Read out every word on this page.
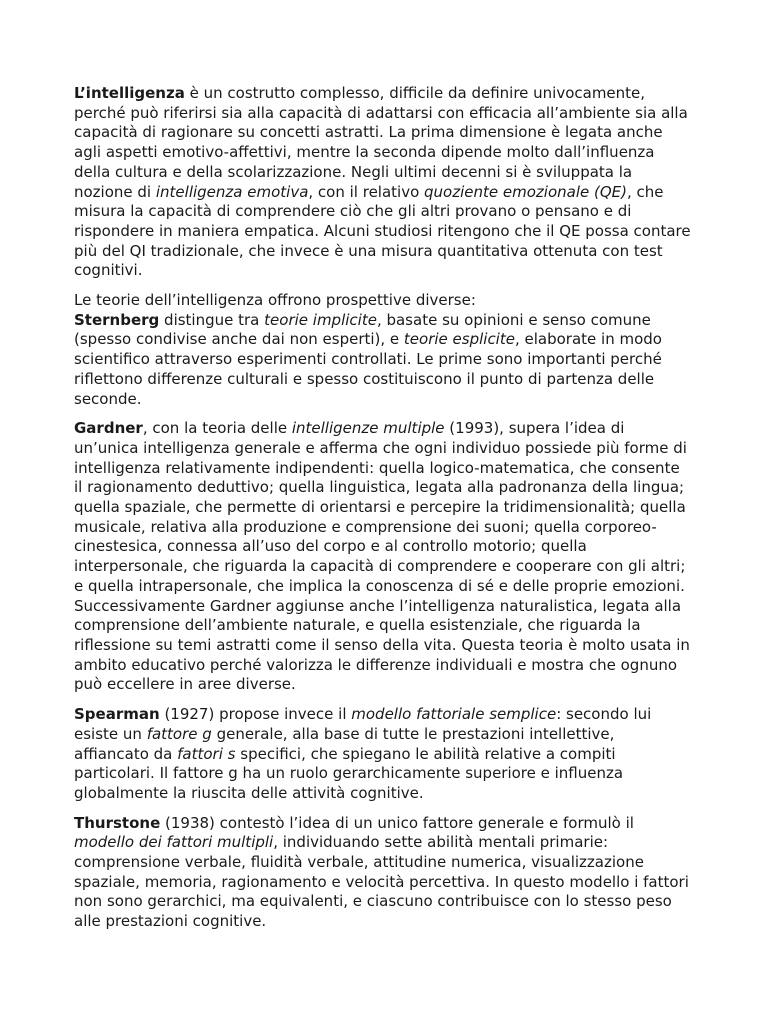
L’intelligenza è un costrutto complesso, difficile da definire univocamente, perché può riferirsi sia alla capacità di adattarsi con efficacia all’ambiente sia alla capacità di ragionare su concetti astratti. La prima dimensione è legata anche agli aspetti emotivo-affettivi, mentre la seconda dipende molto dall’influenza della cultura e della scolarizzazione. Negli ultimi decenni si è sviluppata la nozione di intelligenza emotiva, con il relativo quoziente emozionale (QE), che misura la capacità di comprendere ciò che gli altri provano o pensano e di rispondere in maniera empatica. Alcuni studiosi ritengono che il QE possa contare più del QI tradizionale, che invece è una misura quantitativa ottenuta con test cognitivi.

Le teorie dell’intelligenza offrono prospettive diverse:

Sternberg distingue tra teorie implicite, basate su opinioni e senso comune (spesso condivise anche dai non esperti), e teorie esplicite, elaborate in modo scientifico attraverso esperimenti controllati. Le prime sono importanti perché riflettono differenze culturali e spesso costituiscono il punto di partenza delle seconde.

Gardner, con la teoria delle intelligenze multiple (1993), supera l’idea di un’unica intelligenza generale e afferma che ogni individuo possiede più forme di intelligenza relativamente indipendenti: quella logico-matematica, che consente il ragionamento deduttivo; quella linguistica, legata alla padronanza della lingua; quella spaziale, che permette di orientarsi e percepire la tridimensionalità; quella musicale, relativa alla produzione e comprensione dei suoni; quella corporeo-cinestesica, connessa all’uso del corpo e al controllo motorio; quella interpersonale, che riguarda la capacità di comprendere e cooperare con gli altri; e quella intrapersonale, che implica la conoscenza di sé e delle proprie emozioni. Successivamente Gardner aggiunse anche l’intelligenza naturalistica, legata alla comprensione dell’ambiente naturale, e quella esistenziale, che riguarda la riflessione su temi astratti come il senso della vita. Questa teoria è molto usata in ambito educativo perché valorizza le differenze individuali e mostra che ognuno può eccellere in aree diverse.

Spearman (1927) propose invece il modello fattoriale semplice: secondo lui esiste un fattore g generale, alla base di tutte le prestazioni intellettive, affiancato da fattori s specifici, che spiegano le abilità relative a compiti particolari. Il fattore g ha un ruolo gerarchicamente superiore e influenza globalmente la riuscita delle attività cognitive.

Thurstone (1938) contestò l’idea di un unico fattore generale e formulò il modello dei fattori multipli, individuando sette abilità mentali primarie: comprensione verbale, fluidità verbale, attitudine numerica, visualizzazione spaziale, memoria, ragionamento e velocità percettiva. In questo modello i fattori non sono gerarchici, ma equivalenti, e ciascuno contribuisce con lo stesso peso alle prestazioni cognitive.
